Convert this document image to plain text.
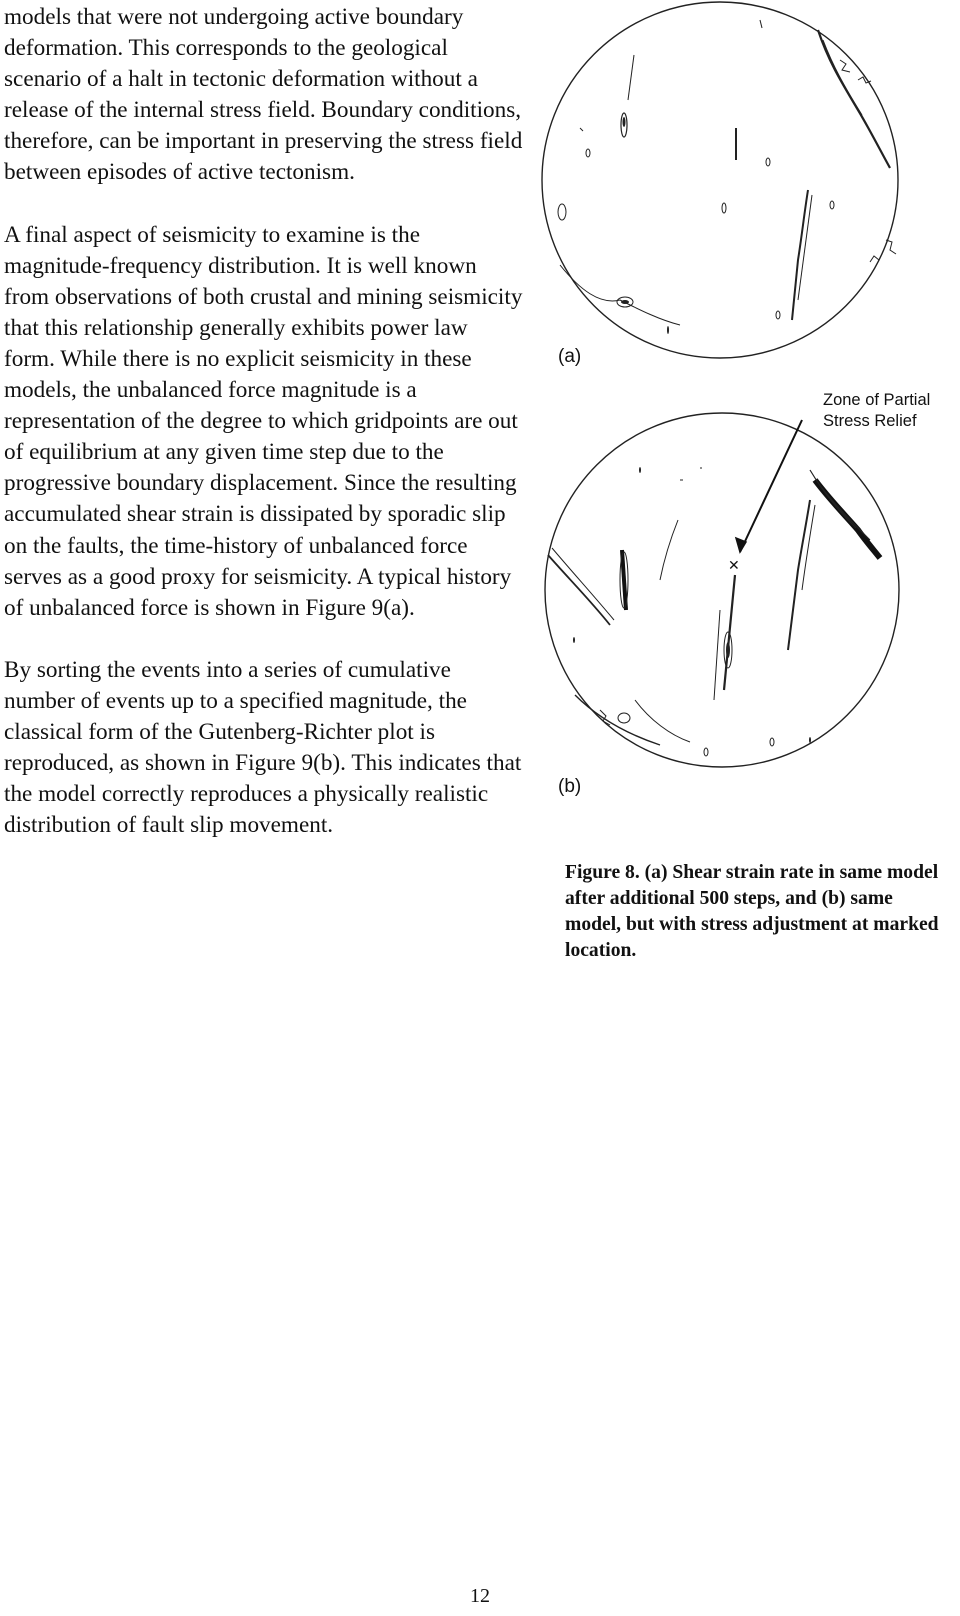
models that were not undergoing active boundary deformation. This corresponds to the geological scenario of a halt in tectonic deformation without a release of the internal stress field. Boundary conditions, therefore, can be important in preserving the stress field between episodes of active tectonism.

A final aspect of seismicity to examine is the magnitude-frequency distribution. It is well known from observations of both crustal and mining seismicity that this relationship generally exhibits power law form. While there is no explicit seismicity in these models, the unbalanced force magnitude is a representation of the degree to which gridpoints are out of equilibrium at any given time step due to the progressive boundary displacement. Since the resulting accumulated shear strain is dissipated by sporadic slip on the faults, the time-history of unbalanced force serves as a good proxy for seismicity. A typical history of unbalanced force is shown in Figure 9(a).

By sorting the events into a series of cumulative number of events up to a specified magnitude, the classical form of the Gutenberg-Richter plot is reproduced, as shown in Figure 9(b). This indicates that the model correctly reproduces a physically realistic distribution of fault slip movement.

✕
(a)
(b)
Zone of Partial
Stress Relief
Figure 8. (a) Shear strain rate in same model after additional 500 steps, and (b) same model, but with stress adjustment at marked location.
12
